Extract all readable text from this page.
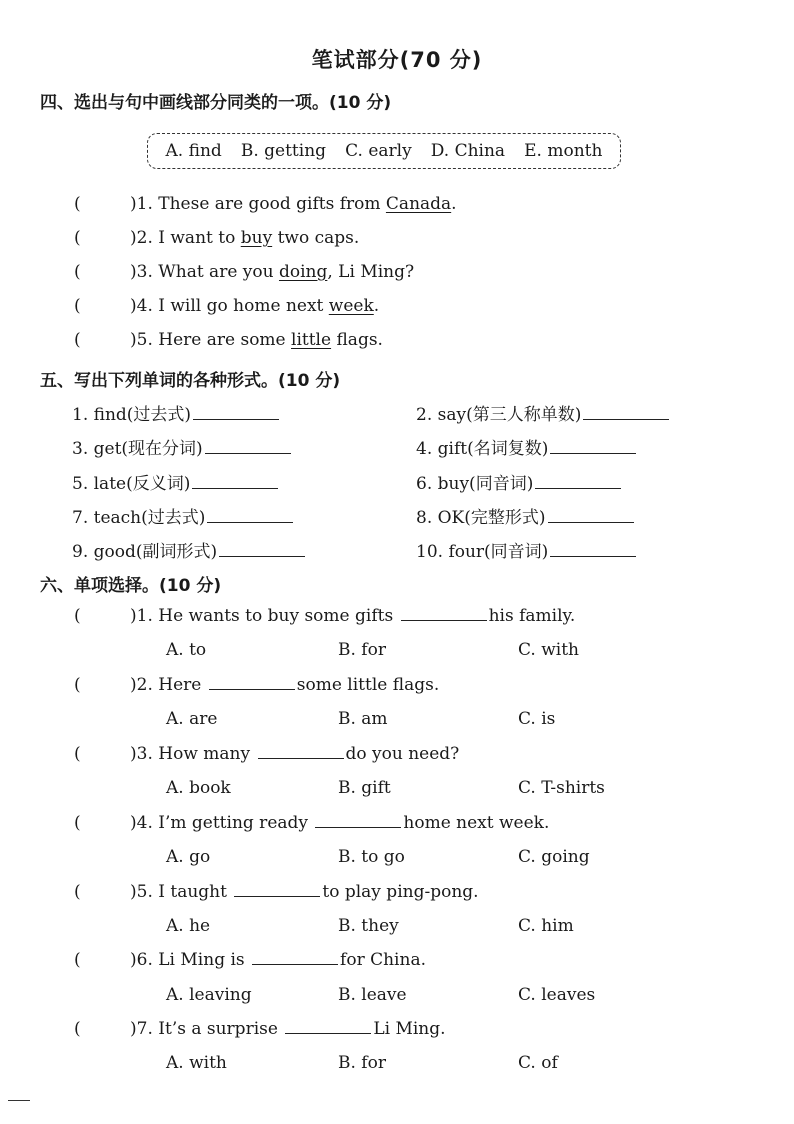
笔试部分(70 分)
四、选出与句中画线部分同类的一项。(10 分)
A. find B. getting C. early D. China E. month
(	)1. These are good gifts from Canada.
(	)2. I want to buy two caps.
(	)3. What are you doing, Li Ming?
(	)4. I will go home next week.
(	)5. Here are some little flags.
五、写出下列单词的各种形式。(10 分)
1. find(过去式)	2. say(第三人称单数)
3. get(现在分词)	4. gift(名词复数)
5. late(反义词)	6. buy(同音词)
7. teach(过去式)	8. OK(完整形式)
9. good(副词形式)	10. four(同音词)
六、单项选择。(10 分)
(	)1. He wants to buy some gifts	his family.
A. to	B. for	C. with
(	)2. Here	some little flags.
A. are	B. am	C. is
(	)3. How many	do you need?
A. book	B. gift	C. T-shirts
(	)4. I’m getting ready	home next week.
A. go	B. to go	C. going
(	)5. I taught	to play ping-pong.
A. he	B. they	C. him
(	)6. Li Ming is	for China.
A. leaving	B. leave	C. leaves
(	)7. It’s a surprise	Li Ming.
A. with	B. for	C. of
